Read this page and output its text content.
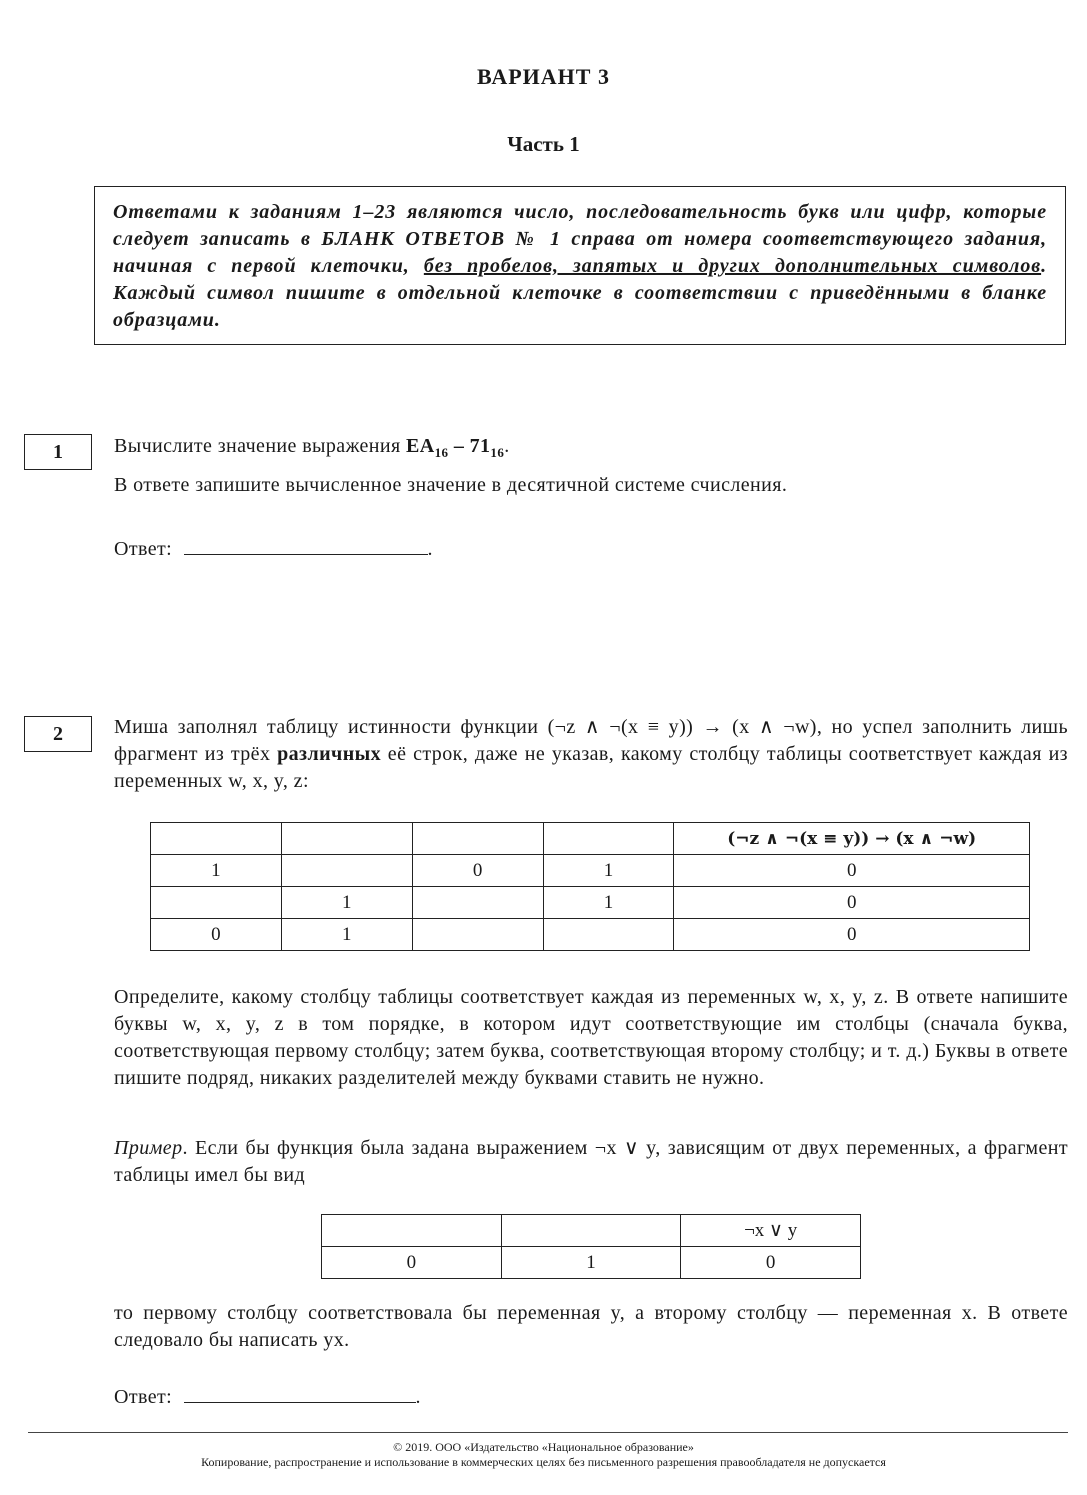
ВАРИАНТ 3
Часть 1
Ответами к заданиям 1–23 являются число, последовательность букв или цифр, которые следует записать в БЛАНК ОТВЕТОВ № 1 справа от номера соответствующего задания, начиная с первой клеточки, без пробелов, запятых и других дополнительных символов. Каждый символ пишите в отдельной клеточке в соответствии с приведёнными в бланке образцами.
1	Вычислите значение выражения $EA_{16} - 71_{16}$.
В ответе запишите вычисленное значение в десятичной системе счисления.
Ответ:	.
2	Миша заполнял таблицу истинности функции (¬z ∧ ¬(x ≡ y)) → (x ∧ ¬w), но успел заполнить лишь фрагмент из трёх различных её строк, даже не указав, какому столбцу таблицы соответствует каждая из переменных w, x, y, z:
				(¬z ∧ ¬(x ≡ y)) → (x ∧ ¬w)
1		0	1	0
	1		1	0
0	1			0
Определите, какому столбцу таблицы соответствует каждая из переменных w, x, y, z. В ответе напишите буквы w, x, y, z в том порядке, в котором идут соответствующие им столбцы (сначала буква, соответствующая первому столбцу; затем буква, соответствующая второму столбцу; и т. д.) Буквы в ответе пишите подряд, никаких разделителей между буквами ставить не нужно.
Пример. Если бы функция была задана выражением ¬x ∨ y, зависящим от двух переменных, а фрагмент таблицы имел бы вид
		¬x ∨ y
0	1	0
то первому столбцу соответствовала бы переменная y, а второму столбцу — переменная x. В ответе следовало бы написать yx.
Ответ:	.
© 2019. ООО «Издательство «Национальное образование»
Копирование, распространение и использование в коммерческих целях без письменного разрешения правообладателя не допускается
